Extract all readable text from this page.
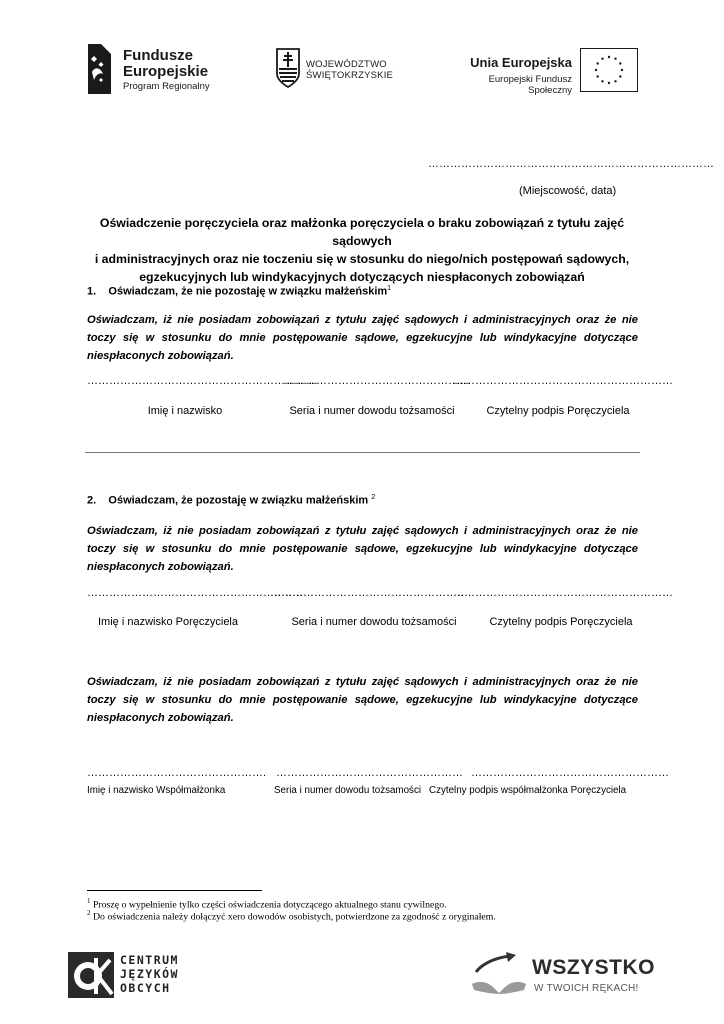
Fundusze
Europejskie
Program Regionalny
WOJEWÓDZTWO
ŚWIĘTOKRZYSKIE
Unia Europejska
Europejski Fundusz Społeczny
……………………………………………………………………
(Miejscowość, data)
Oświadczenie poręczyciela oraz małżonka poręczyciela o braku zobowiązań z tytułu zajęć sądowych
i administracyjnych oraz nie toczeniu się w stosunku do niego/nich postępowań sądowych,
egzekucyjnych lub windykacyjnych dotyczących niespłaconych zobowiązań
1.    Oświadczam, że nie pozostaję w związku małżeńskim$^1$
Oświadczam, iż nie posiadam zobowiązań z tytułu zajęć sądowych i administracyjnych oraz że nie toczy się w stosunku do mnie postępowanie sądowe, egzekucyjne lub windykacyjne dotyczące niespłaconych zobowiązań.
………………………………………………………
……………………………………………
……………………………………………………
Imię i nazwisko	Seria i numer dowodu tożsamości	Czytelny podpis Poręczyciela
2.    Oświadczam, że pozostaję w związku małżeńskim $^2$
Oświadczam, iż nie posiadam zobowiązań z tytułu zajęć sądowych i administracyjnych oraz że nie toczy się w stosunku do mnie postępowanie sądowe, egzekucyjne lub windykacyjne dotyczące niespłaconych zobowiązań.
……………………………………………………
………………………………………………
……………………………………………………
Imię i nazwisko Poręczyciela	Seria i numer dowodu tożsamości	Czytelny podpis Poręczyciela
Oświadczam, iż nie posiadam zobowiązań z tytułu zajęć sądowych i administracyjnych oraz że nie toczy się w stosunku do mnie postępowanie sądowe, egzekucyjne lub windykacyjne dotyczące niespłaconych zobowiązań.
…………………………………………. …………………………………………… ………………………………………………
Imię i nazwisko Współmałżonka	Seria i numer dowodu tożsamości Czytelny podpis współmałżonka Poręczyciela
$^1$ Proszę o wypełnienie tylko części oświadczenia dotyczącego aktualnego stanu cywilnego.
$^2$ Do oświadczenia należy dołączyć xero dowodów osobistych, potwierdzone za zgodność z oryginałem.
CENTRUM
JĘZYKÓW
OBCYCH
WSZYSTKO
W TWOICH RĘKACH!
